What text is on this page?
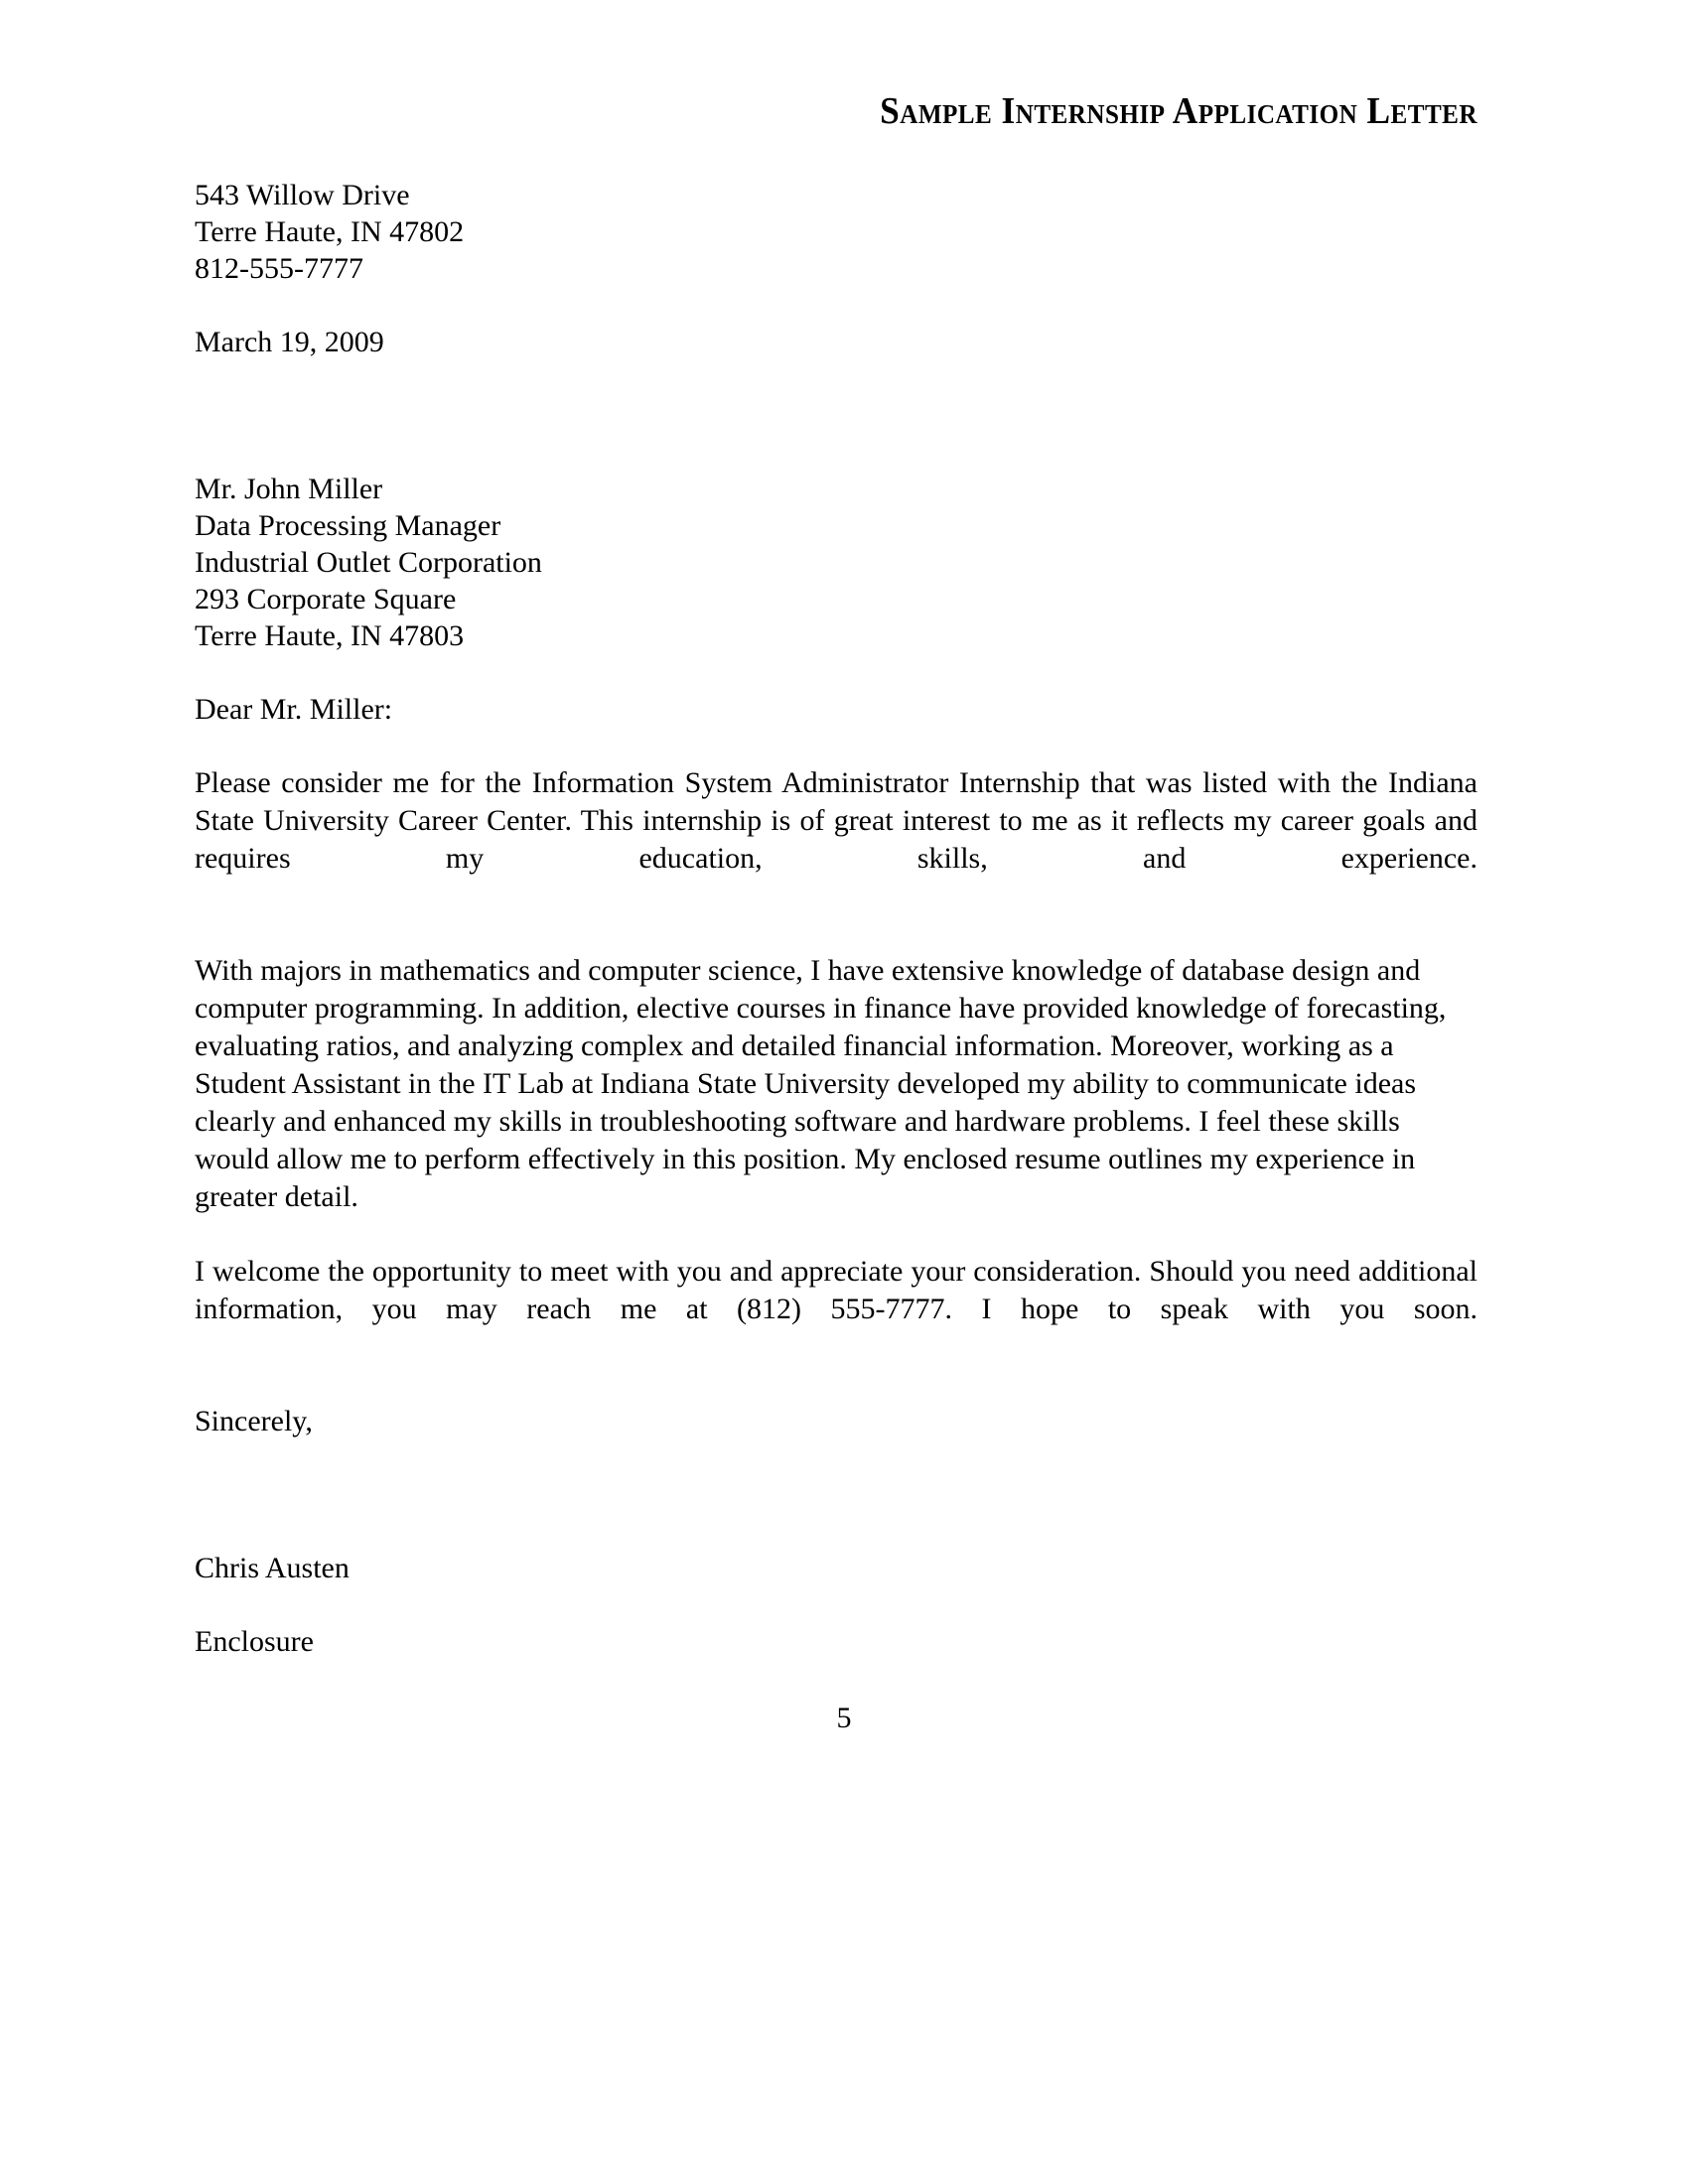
Sample Internship Application Letter
543 Willow Drive
Terre Haute, IN 47802
812-555-7777
March 19, 2009
Mr. John Miller
Data Processing Manager
Industrial Outlet Corporation
293 Corporate Square
Terre Haute, IN 47803
Dear Mr. Miller:

Please consider me for the Information System Administrator Internship that was listed with the Indiana State University Career Center. This internship is of great interest to me as it reflects my career goals and requires my education, skills, and experience.

With majors in mathematics and computer science, I have extensive knowledge of database design and computer programming. In addition, elective courses in finance have provided knowledge of forecasting, evaluating ratios, and analyzing complex and detailed financial information. Moreover, working as a Student Assistant in the IT Lab at Indiana State University developed my ability to communicate ideas clearly and enhanced my skills in troubleshooting software and hardware problems. I feel these skills would allow me to perform effectively in this position. My enclosed resume outlines my experience in greater detail.

I welcome the opportunity to meet with you and appreciate your consideration. Should you need additional information, you may reach me at (812) 555-7777. I hope to speak with you soon.

Sincerely,
Chris Austen
Enclosure
5
